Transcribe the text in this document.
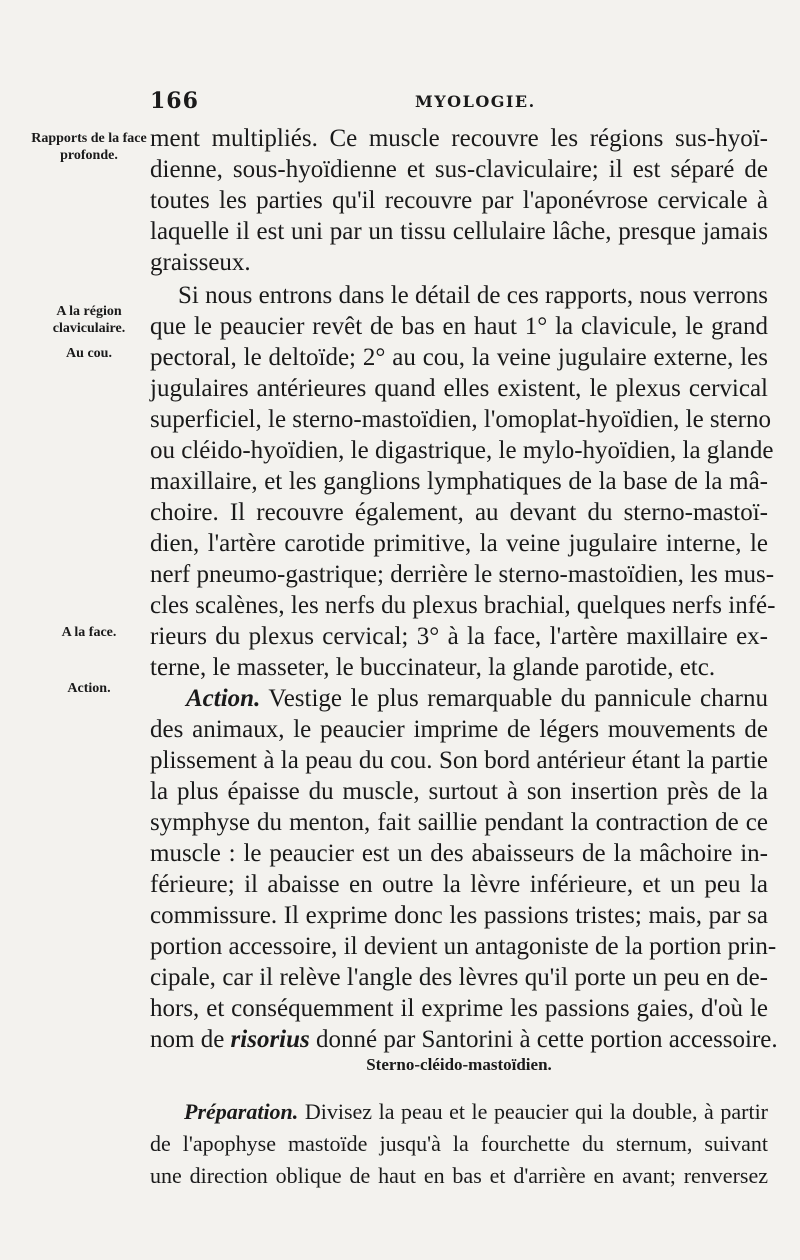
166	MYOLOGIE.
Rapports de la face profonde.
A la région claviculaire.
Au cou.
A la face.
Action.
ment multipliés. Ce muscle recouvre les régions sus-hyoï-
dienne, sous-hyoïdienne et sus-claviculaire; il est séparé de
toutes les parties qu'il recouvre par l'aponévrose cervicale à
laquelle il est uni par un tissu cellulaire lâche, presque jamais
graisseux.
Si nous entrons dans le détail de ces rapports, nous verrons
que le peaucier revêt de bas en haut 1° la clavicule, le grand
pectoral, le deltoïde; 2° au cou, la veine jugulaire externe, les
jugulaires antérieures quand elles existent, le plexus cervical
superficiel, le sterno-mastoïdien, l'omoplat-hyoïdien, le sterno
ou cléido-hyoïdien, le digastrique, le mylo-hyoïdien, la glande
maxillaire, et les ganglions lymphatiques de la base de la mâ-
choire. Il recouvre également, au devant du sterno-mastoï-
dien, l'artère carotide primitive, la veine jugulaire interne, le
nerf pneumo-gastrique; derrière le sterno-mastoïdien, les mus-
cles scalènes, les nerfs du plexus brachial, quelques nerfs infé-
rieurs du plexus cervical; 3° à la face, l'artère maxillaire ex-
terne, le masseter, le buccinateur, la glande parotide, etc.
Action. Vestige le plus remarquable du pannicule charnu
des animaux, le peaucier imprime de légers mouvements de
plissement à la peau du cou. Son bord antérieur étant la partie
la plus épaisse du muscle, surtout à son insertion près de la
symphyse du menton, fait saillie pendant la contraction de ce
muscle : le peaucier est un des abaisseurs de la mâchoire in-
férieure; il abaisse en outre la lèvre inférieure, et un peu la
commissure. Il exprime donc les passions tristes; mais, par sa
portion accessoire, il devient un antagoniste de la portion prin-
cipale, car il relève l'angle des lèvres qu'il porte un peu en de-
hors, et conséquemment il exprime les passions gaies, d'où le
nom de risorius donné par Santorini à cette portion accessoire.
Sterno-cléido-mastoïdien.
Préparation. Divisez la peau et le peaucier qui la double, à partir
de l'apophyse mastoïde jusqu'à la fourchette du sternum, suivant
une direction oblique de haut en bas et d'arrière en avant; renversez
